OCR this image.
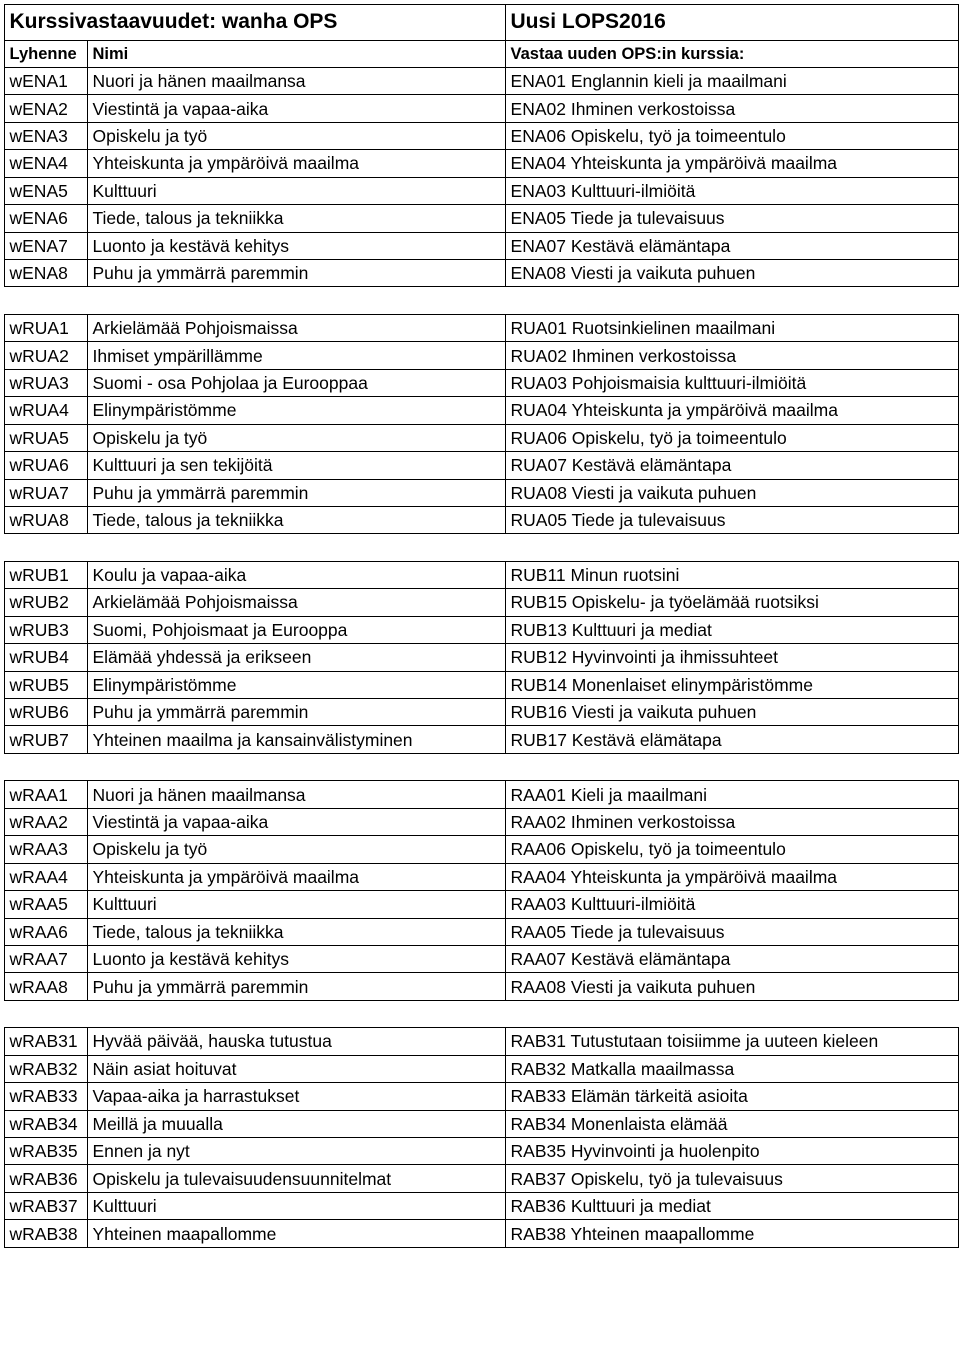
Kurssivastaavuudet: wanha OPS		Uusi LOPS2016
Lyhenne	Nimi	Vastaa uuden OPS:in kurssia:
wENA1	Nuori ja hänen maailmansa	ENA01 Englannin kieli ja maailmani
wENA2	Viestintä ja vapaa-aika	ENA02 Ihminen verkostoissa
wENA3	Opiskelu ja työ	ENA06 Opiskelu, työ ja toimeentulo
wENA4	Yhteiskunta ja ympäröivä maailma	ENA04 Yhteiskunta ja ympäröivä maailma
wENA5	Kulttuuri	ENA03 Kulttuuri-ilmiöitä
wENA6	Tiede, talous ja tekniikka	ENA05 Tiede ja tulevaisuus
wENA7	Luonto ja kestävä kehitys	ENA07 Kestävä elämäntapa
wENA8	Puhu ja ymmärrä paremmin	ENA08 Viesti ja vaikuta puhuen

wRUA1	Arkielämää Pohjoismaissa	RUA01 Ruotsinkielinen maailmani
wRUA2	Ihmiset ympärillämme	RUA02 Ihminen verkostoissa
wRUA3	Suomi - osa Pohjolaa ja Eurooppaa	RUA03 Pohjoismaisia kulttuuri-ilmiöitä
wRUA4	Elinympäristömme	RUA04 Yhteiskunta ja ympäröivä maailma
wRUA5	Opiskelu ja työ	RUA06 Opiskelu, työ ja toimeentulo
wRUA6	Kulttuuri ja sen tekijöitä	RUA07 Kestävä elämäntapa
wRUA7	Puhu ja ymmärrä paremmin	RUA08 Viesti ja vaikuta puhuen
wRUA8	Tiede, talous ja tekniikka	RUA05 Tiede ja tulevaisuus

wRUB1	Koulu ja vapaa-aika	RUB11 Minun ruotsini
wRUB2	Arkielämää Pohjoismaissa	RUB15 Opiskelu- ja työelämää ruotsiksi
wRUB3	Suomi, Pohjoismaat ja Eurooppa	RUB13 Kulttuuri ja mediat
wRUB4	Elämää yhdessä ja erikseen	RUB12 Hyvinvointi ja ihmissuhteet
wRUB5	Elinympäristömme	RUB14 Monenlaiset elinympäristömme
wRUB6	Puhu ja ymmärrä paremmin	RUB16 Viesti ja vaikuta puhuen
wRUB7	Yhteinen maailma ja kansainvälistyminen	RUB17 Kestävä elämätapa

wRAA1	Nuori ja hänen maailmansa	RAA01 Kieli ja maailmani
wRAA2	Viestintä ja vapaa-aika	RAA02 Ihminen verkostoissa
wRAA3	Opiskelu ja työ	RAA06 Opiskelu, työ ja toimeentulo
wRAA4	Yhteiskunta ja ympäröivä maailma	RAA04 Yhteiskunta ja ympäröivä maailma
wRAA5	Kulttuuri	RAA03 Kulttuuri-ilmiöitä
wRAA6	Tiede, talous ja tekniikka	RAA05 Tiede ja tulevaisuus
wRAA7	Luonto ja kestävä kehitys	RAA07 Kestävä elämäntapa
wRAA8	Puhu ja ymmärrä paremmin	RAA08 Viesti ja vaikuta puhuen

wRAB31	Hyvää päivää, hauska tutustua	RAB31 Tutustutaan toisiimme ja uuteen kieleen
wRAB32	Näin asiat hoituvat	RAB32 Matkalla maailmassa
wRAB33	Vapaa-aika ja harrastukset	RAB33 Elämän tärkeitä asioita
wRAB34	Meillä ja muualla	RAB34 Monenlaista elämää
wRAB35	Ennen ja nyt	RAB35 Hyvinvointi ja huolenpito
wRAB36	Opiskelu ja tulevaisuudensuunnitelmat	RAB37 Opiskelu, työ ja tulevaisuus
wRAB37	Kulttuuri	RAB36 Kulttuuri ja mediat
wRAB38	Yhteinen maapallomme	RAB38 Yhteinen maapallomme
